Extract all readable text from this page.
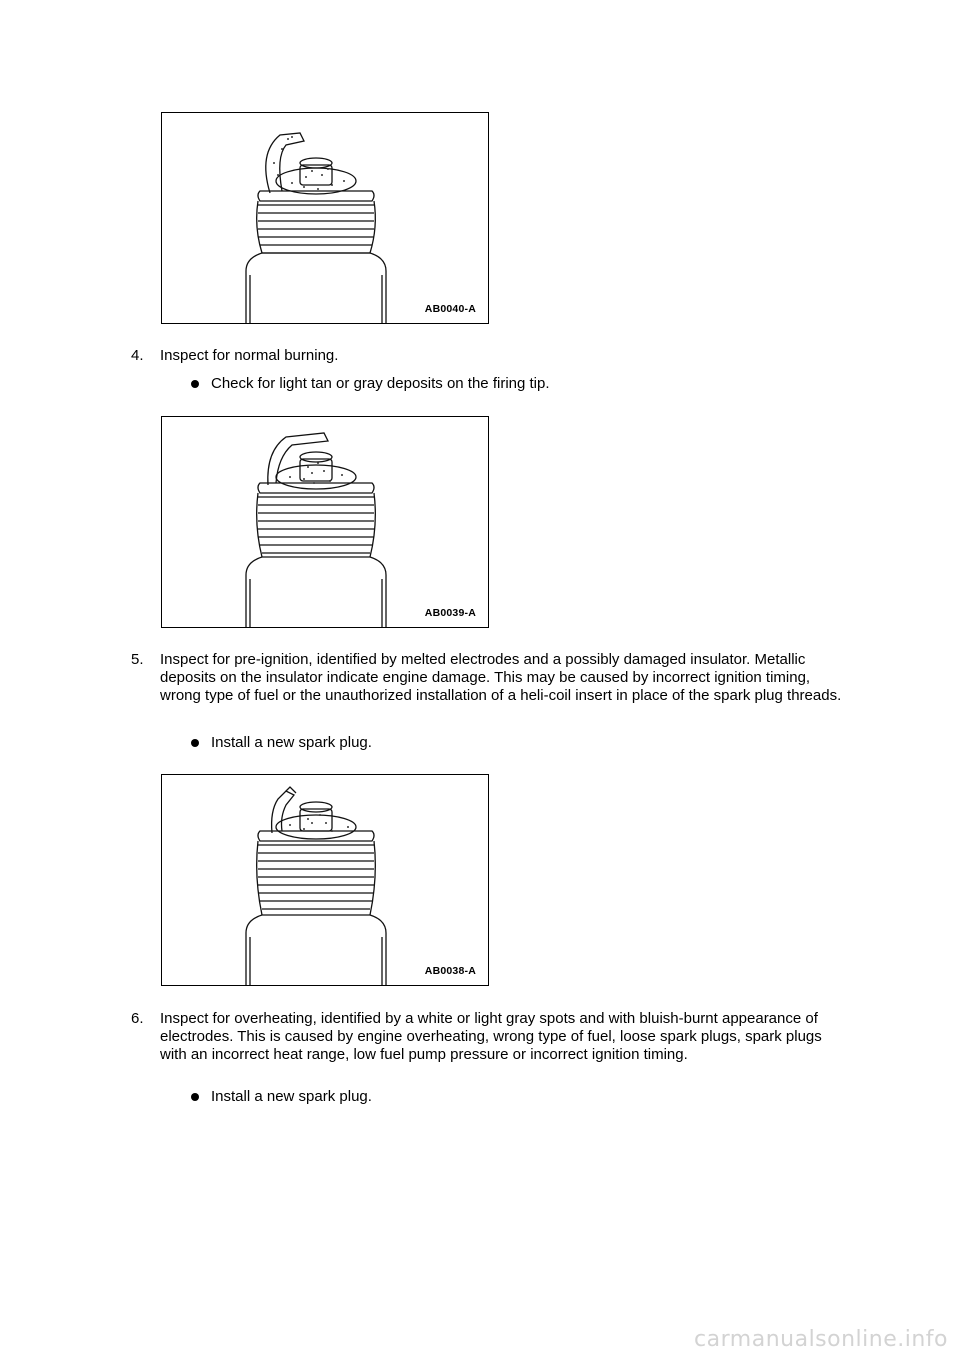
AB0040-A
4. Inspect for normal burning.
Check for light tan or gray deposits on the firing tip.
AB0039-A
5. Inspect for pre-ignition, identified by melted electrodes and a possibly damaged insulator. Metallic deposits on the insulator indicate engine damage. This may be caused by incorrect ignition timing, wrong type of fuel or the unauthorized installation of a heli-coil insert in place of the spark plug threads.
Install a new spark plug.
AB0038-A
6. Inspect for overheating, identified by a white or light gray spots and with bluish-burnt appearance of electrodes. This is caused by engine overheating, wrong type of fuel, loose spark plugs, spark plugs with an incorrect heat range, low fuel pump pressure or incorrect ignition timing.
Install a new spark plug.
carmanualsonline.info
